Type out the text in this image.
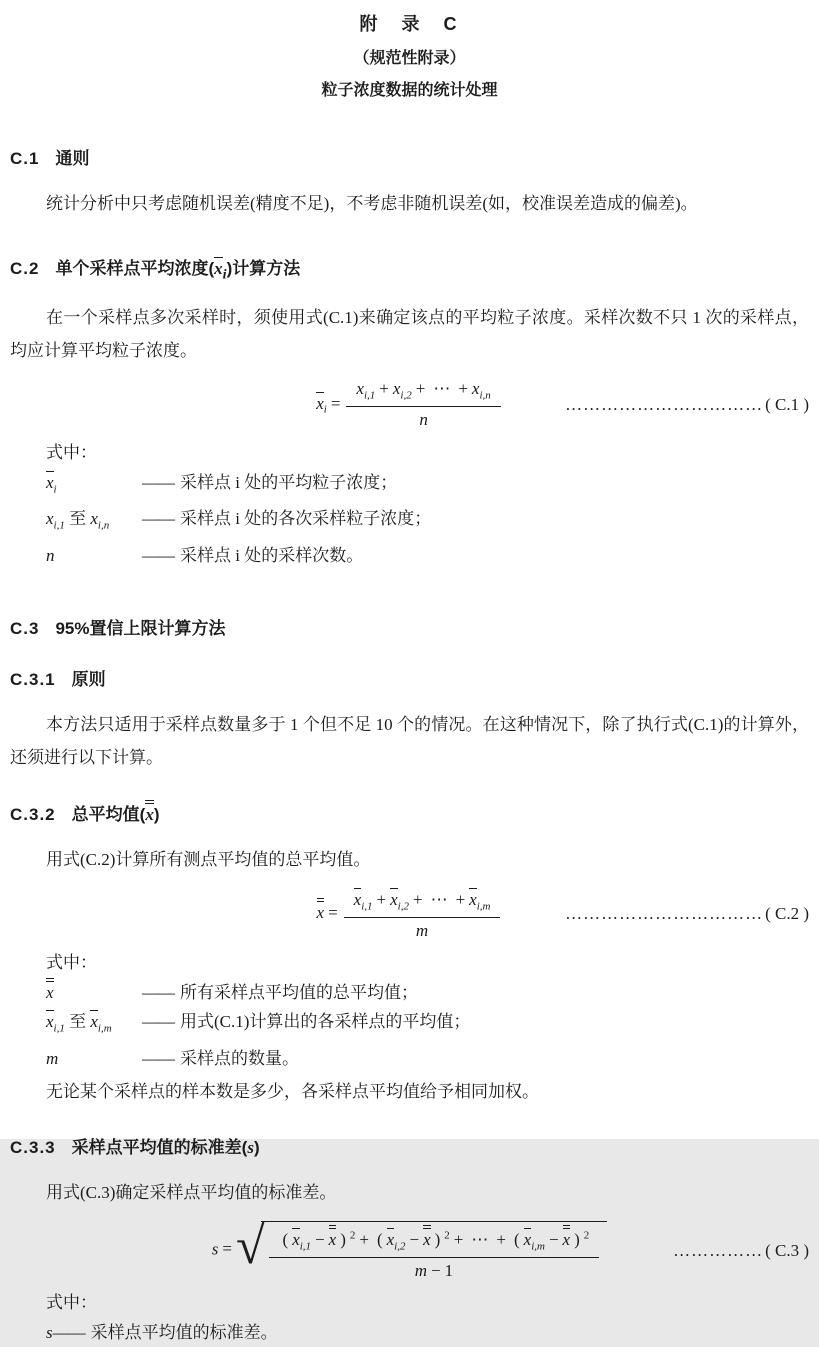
附　录　C
（规范性附录）
粒子浓度数据的统计处理
C.1 通则

统计分析中只考虑随机误差(精度不足)，不考虑非随机误差(如，校准误差造成的偏差)。

C.2 单个采样点平均浓度$(x_i)$计算方法

在一个采样点多次采样时，须使用式(C.1)来确定该点的平均粒子浓度。采样次数不只 1 次的采样点，均应计算平均粒子浓度。

$x_i = \frac{x_{i,1} + x_{i,2} + \cdots + x_{i,n}}{n}$	…………………………… ( C.1 )
式中：
$x_i$	—— 采样点 i 处的平均粒子浓度；
$x_{i,1}$ 至 $x_{i,n}$	—— 采样点 i 处的各次采样粒子浓度；
n	—— 采样点 i 处的采样次数。
C.3 95%置信上限计算方法
C.3.1 原则

本方法只适用于采样点数量多于 1 个但不足 10 个的情况。在这种情况下，除了执行式(C.1)的计算外，还须进行以下计算。

C.3.2 总平均值(x)

用式(C.2)计算所有测点平均值的总平均值。

$x = \frac{x_{i,1} + x_{i,2} + \cdots + x_{i,m}}{m}$	…………………………… ( C.2 )
式中：
x	—— 所有采样点平均值的总平均值；
$x_{i,1}$ 至 $x_{i,m}$	—— 用式(C.1)计算出的各采样点的平均值；
m	—— 采样点的数量。
无论某个采样点的样本数是多少，各采样点平均值给予相同加权。
C.3.3 采样点平均值的标准差(s)

用式(C.3)确定采样点平均值的标准差。

s = √ $\frac{( x_{i,1} - x ) ^2 + ( x_{i,2} - x ) ^2 + \cdots + ( x_{i,m} - x ) ^2}{m - 1}$	…………… ( C.3 )
式中：
s —— 采样点平均值的标准差。
